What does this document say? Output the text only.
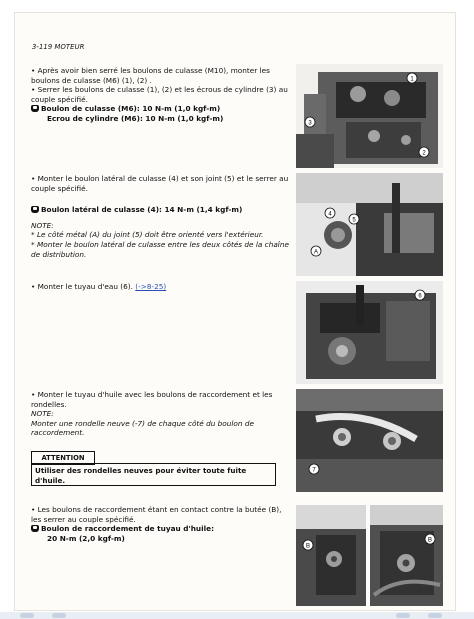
3-119 MOTEUR

• Après avoir bien serré les boulons de culasse (M10), monter les boulons de culasse (M6) (1), (2) .

• Serrer les boulons de culasse (1), (2) et les écrous de cylindre (3) au couple spécifié.

Boulon de culasse (M6): 10 N-m (1,0 kgf-m)

Ecrou de cylindre (M6): 10 N-m (1,0 kgf-m)

• Monter le boulon latéral de culasse (4) et son joint (5) et le serrer au couple spécifié.

Boulon latéral de culasse (4): 14 N-m (1,4 kgf-m)

NOTE:

* Le côté métal (A) du joint (5) doit être orienté vers l'extérieur.

* Monter le boulon latéral de culasse entre les deux côtés de la chaîne de distribution.

• Monter le tuyau d'eau (6). (->8-25)

• Monter le tuyau d'huile avec les boulons de raccordement et les rondelles.

NOTE:

Monter une rondelle neuve (-7) de chaque côté du boulon de raccordement.

ATTENTION
Utiliser des rondelles neuves pour éviter toute fuite d'huile.

• Les boulons de raccordement étant en contact contre la butée (B), les serrer au couple spécifié.

Boulon de raccordement de tuyau d'huile:

20 N-m (2,0 kgf-m)

1
2
3
4
5
A
6
7
B
B
